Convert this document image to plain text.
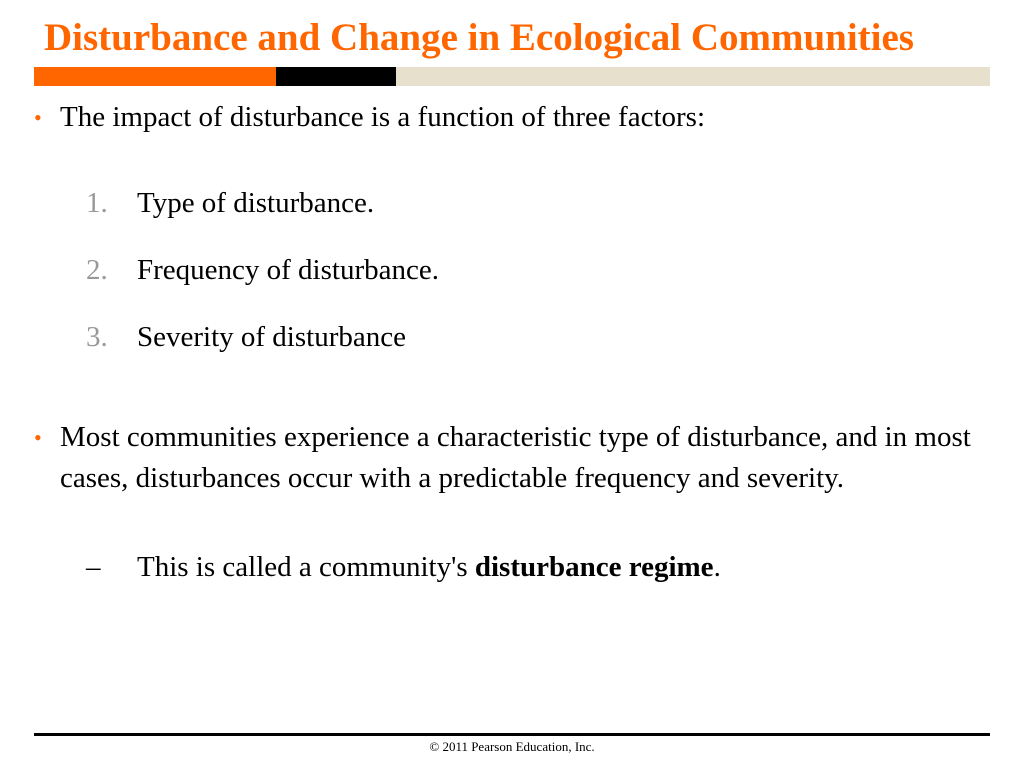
Disturbance and Change in Ecological Communities
• The impact of disturbance is a function of three factors:
1.	Type of disturbance.
2.	Frequency of disturbance.
3.	Severity of disturbance
• Most communities experience a characteristic type of disturbance, and in most cases, disturbances occur with a predictable frequency and severity.
–	This is called a community's disturbance regime.
© 2011 Pearson Education, Inc.
